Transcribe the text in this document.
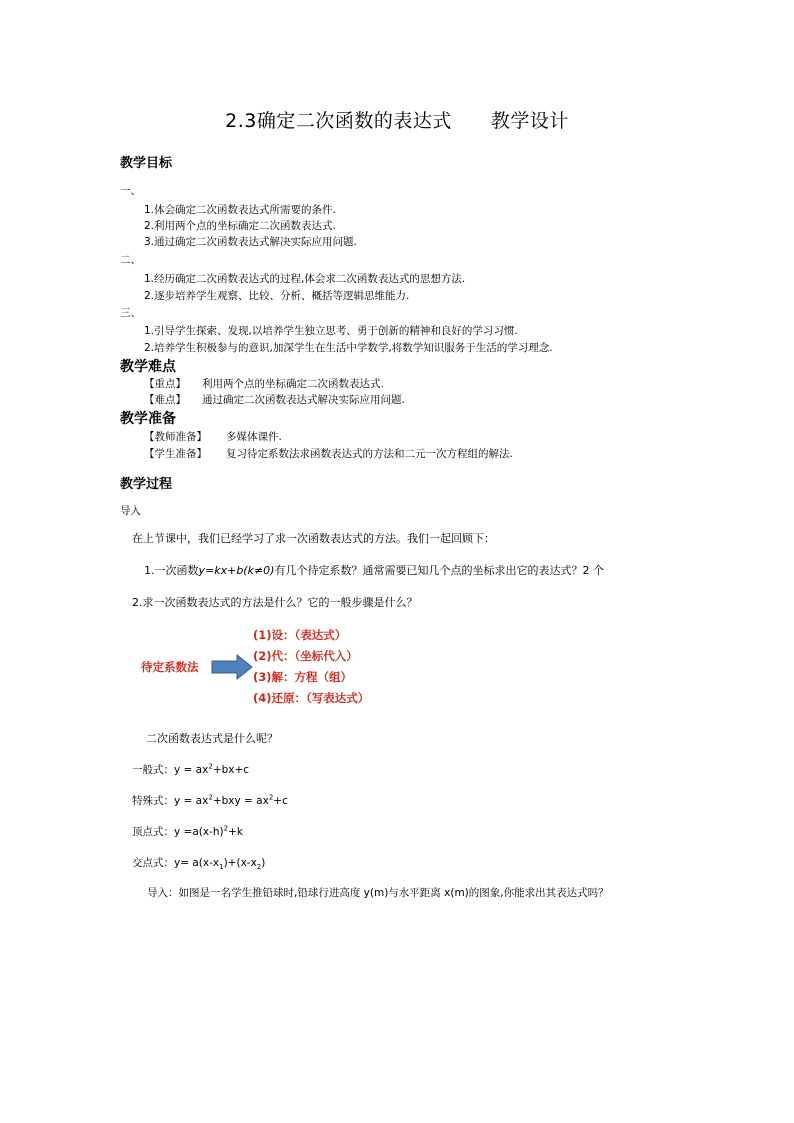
2.3确定二次函数的表达式　　教学设计
教学目标
一、
1.体会确定二次函数表达式所需要的条件.
2.利用两个点的坐标确定二次函数表达式.
3.通过确定二次函数表达式解决实际应用问题.
二、
1.经历确定二次函数表达式的过程,体会求二次函数表达式的思想方法.
2.逐步培养学生观察、比较、分析、概括等逻辑思维能力.
三、
1.引导学生探索、发现,以培养学生独立思考、勇于创新的精神和良好的学习习惯.
2.培养学生积极参与的意识,加深学生在生活中学数学,将数学知识服务于生活的学习理念.
教学难点
【重点】 利用两个点的坐标确定二次函数表达式.
【难点】 通过确定二次函数表达式解决实际应用问题.
教学准备
【教师准备】 多媒体课件.
【学生准备】 复习待定系数法求函数表达式的方法和二元一次方程组的解法.
教学过程
导入
在上节课中，我们已经学习了求一次函数表达式的方法。我们一起回顾下：
1.一次函数y=kx+b(k≠0)有几个待定系数？通常需要已知几个点的坐标求出它的表达式？2 个
2.求一次函数表达式的方法是什么？它的一般步骤是什么？
待定系数法
(1)设：（表达式）
(2)代：（坐标代入）
(3)解：方程（组）
(4)还原：（写表达式）
二次函数表达式是什么呢？
一般式：$y = ax^2+bx+c$
特殊式：$y = ax^2+bxy = ax^2+c$
顶点式：$y =a(x-h)^2+k$
交点式：$y= a(x-x_1)+(x-x_2)$
导入：如图是一名学生推铅球时,铅球行进高度 y(m)与水平距离 x(m)的图象,你能求出其表达式吗？
